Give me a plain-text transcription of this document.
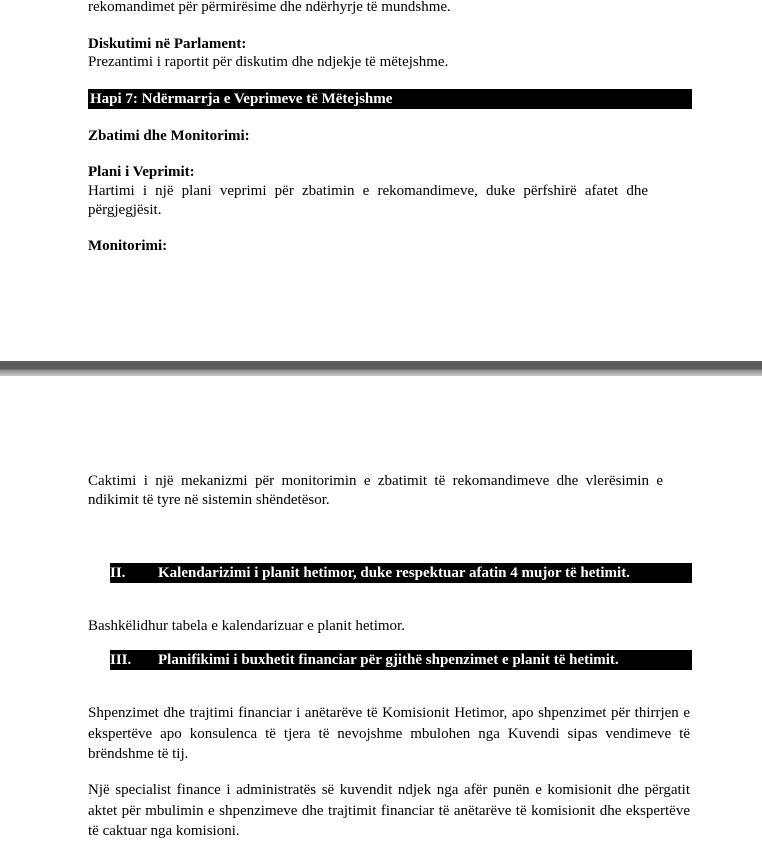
rekomandimet për përmirësime dhe ndërhyrje të mundshme.
Diskutimi në Parlament:
Prezantimi i raportit për diskutim dhe ndjekje të mëtejshme.
Hapi 7: Ndërmarrja e Veprimeve të Mëtejshme
Zbatimi dhe Monitorimi:
Plani i Veprimit:
Hartimi i një plani veprimi për zbatimin e rekomandimeve, duke përfshirë afatet dhe përgjegjësit.
Monitorimi:
Caktimi i një mekanizmi për monitorimin e zbatimit të rekomandimeve dhe vlerësimin e ndikimit të tyre në sistemin shëndetësor.
II. Kalendarizimi i planit hetimor, duke respektuar afatin 4 mujor të hetimit.
Bashkëlidhur tabela e kalendarizuar e planit hetimor.
III. Planifikimi i buxhetit financiar për gjithë shpenzimet e planit të hetimit.
Shpenzimet dhe trajtimi financiar i anëtarëve të Komisionit Hetimor, apo shpenzimet për thirrjen e ekspertëve apo konsulenca të tjera të nevojshme mbulohen nga Kuvendi sipas vendimeve të brëndshme të tij.
Një specialist finance i administratës së kuvendit ndjek nga afër punën e komisionit dhe përgatit aktet për mbulimin e shpenzimeve dhe trajtimit financiar të anëtarëve të komisionit dhe ekspertëve të caktuar nga komisioni.
